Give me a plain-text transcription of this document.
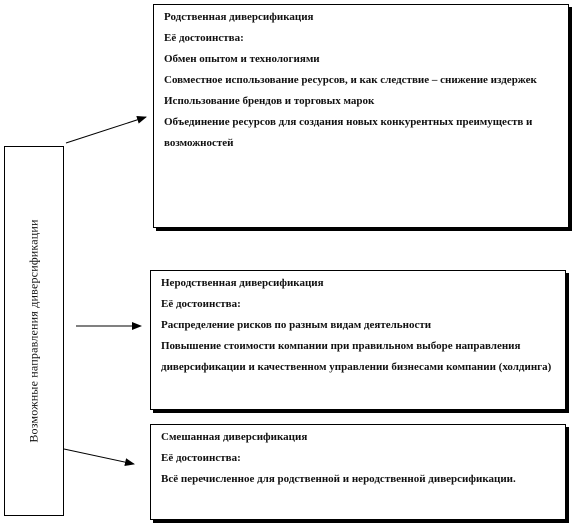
Возможные направления диверсификации
Родственная диверсификация
Её достоинства:
Обмен опытом и технологиями
Совместное использование ресурсов, и как следствие – снижение издержек
Использование брендов и торговых марок
Объединение ресурсов для создания новых конкурентных преимуществ и возможностей
Неродственная диверсификация
Её достоинства:
Распределение рисков по разным видам деятельности
Повышение стоимости компании при правильном выборе направления диверсификации и качественном управлении бизнесами компании (холдинга)
Смешанная диверсификация
Её достоинства:
Всё перечисленное для родственной и неродственной диверсификации.
